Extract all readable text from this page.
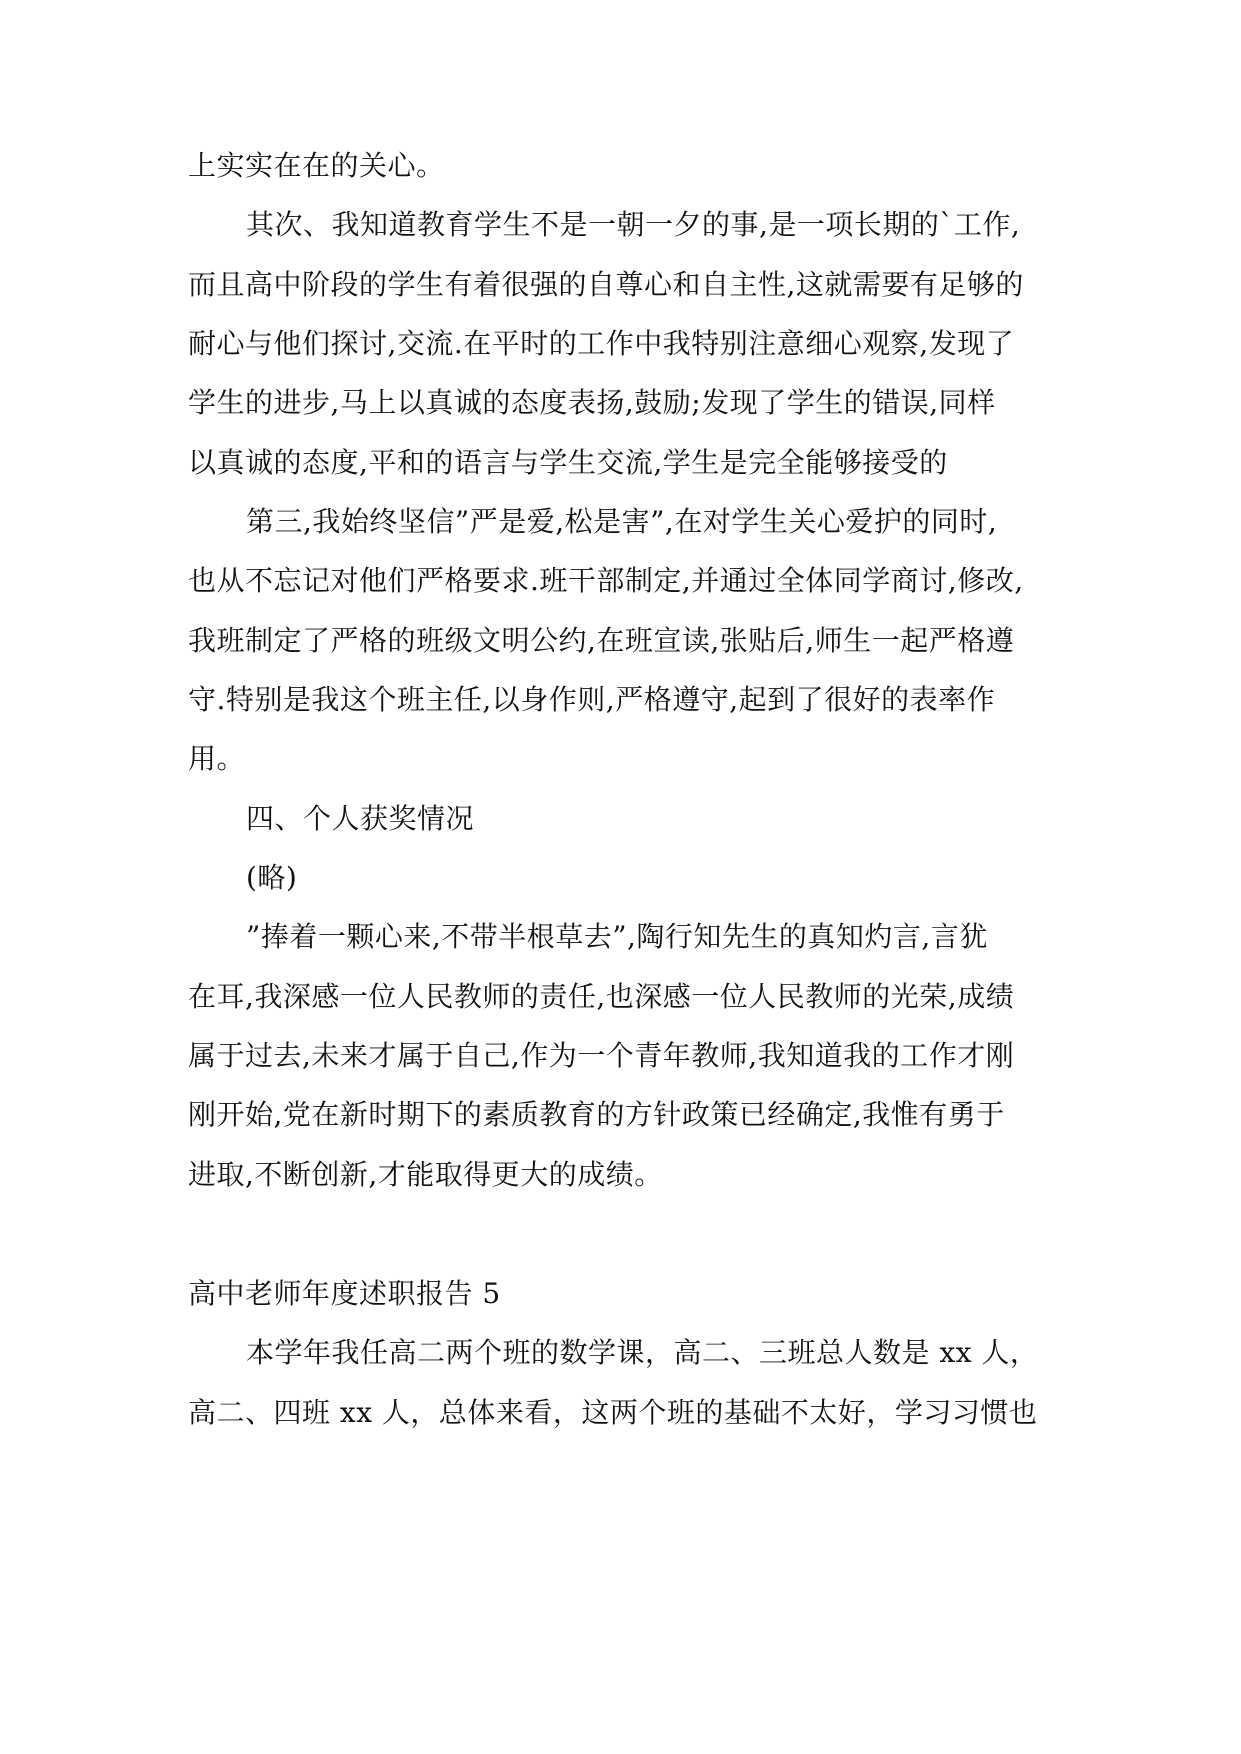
上实实在在的关心。
其次、我知道教育学生不是一朝一夕的事,是一项长期的`工作,
而且高中阶段的学生有着很强的自尊心和自主性,这就需要有足够的
耐心与他们探讨,交流.在平时的工作中我特别注意细心观察,发现了
学生的进步,马上以真诚的态度表扬,鼓励;发现了学生的错误,同样
以真诚的态度,平和的语言与学生交流,学生是完全能够接受的
第三,我始终坚信”严是爱,松是害”,在对学生关心爱护的同时,
也从不忘记对他们严格要求.班干部制定,并通过全体同学商讨,修改,
我班制定了严格的班级文明公约,在班宣读,张贴后,师生一起严格遵
守.特别是我这个班主任,以身作则,严格遵守,起到了很好的表率作
用。
四、个人获奖情况
(略)
”捧着一颗心来,不带半根草去”,陶行知先生的真知灼言,言犹
在耳,我深感一位人民教师的责任,也深感一位人民教师的光荣,成绩
属于过去,未来才属于自己,作为一个青年教师,我知道我的工作才刚
刚开始,党在新时期下的素质教育的方针政策已经确定,我惟有勇于
进取,不断创新,才能取得更大的成绩。
高中老师年度述职报告 5
本学年我任高二两个班的数学课，高二、三班总人数是 xx 人，
高二、四班 xx 人，总体来看，这两个班的基础不太好，学习习惯也
